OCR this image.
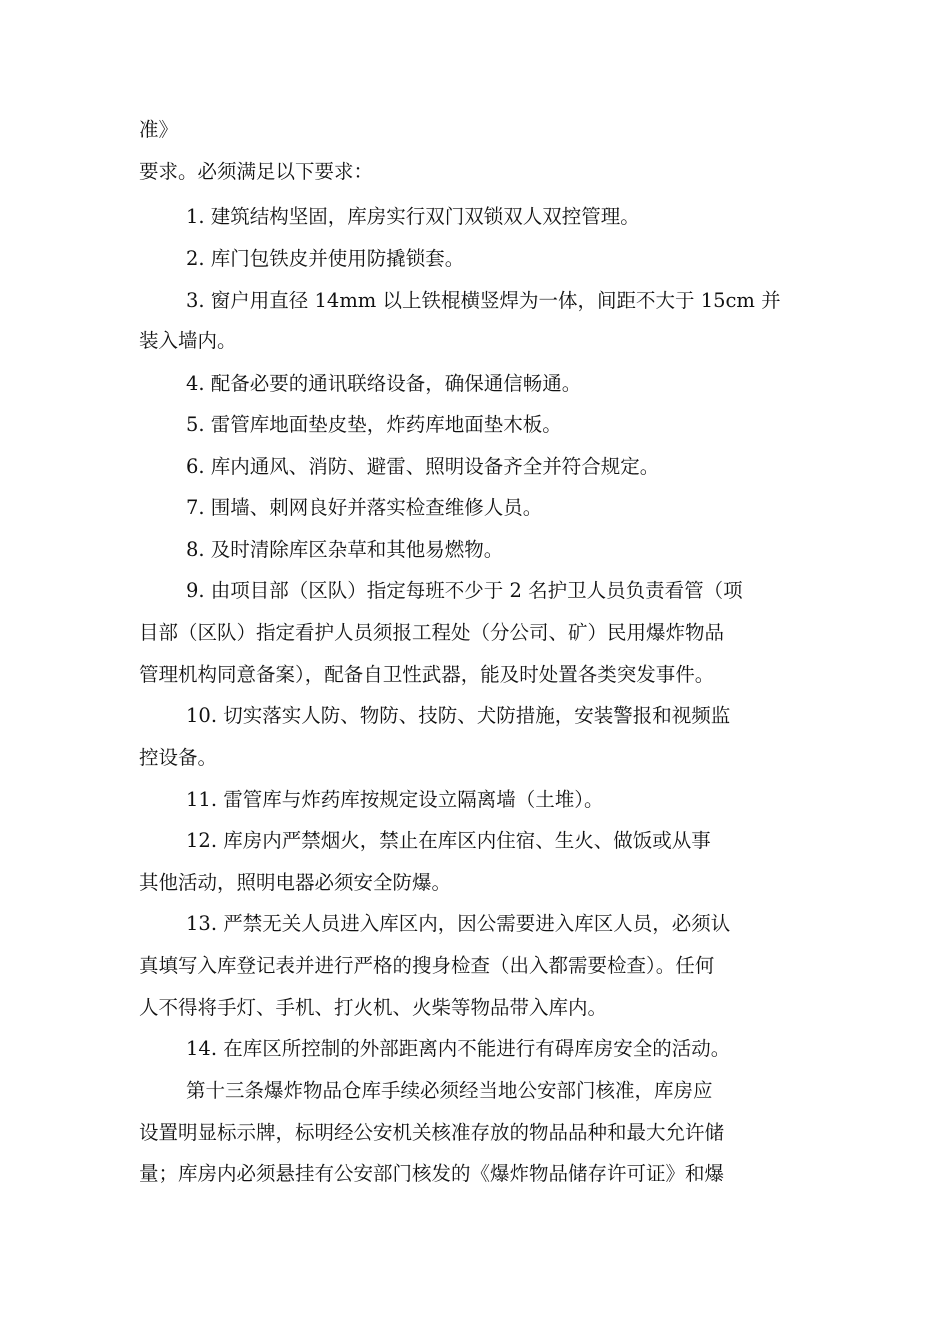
准》
要求。必须满足以下要求：
1. 建筑结构坚固，库房实行双门双锁双人双控管理。
2. 库门包铁皮并使用防撬锁套。
3. 窗户用直径 14mm 以上铁棍横竖焊为一体，间距不大于 15cm 并
装入墙内。
4. 配备必要的通讯联络设备，确保通信畅通。
5. 雷管库地面垫皮垫，炸药库地面垫木板。
6. 库内通风、消防、避雷、照明设备齐全并符合规定。
7. 围墙、刺网良好并落实检查维修人员。
8. 及时清除库区杂草和其他易燃物。
9. 由项目部（区队）指定每班不少于 2 名护卫人员负责看管（项
目部（区队）指定看护人员须报工程处（分公司、矿）民用爆炸物品
管理机构同意备案），配备自卫性武器，能及时处置各类突发事件。
10. 切实落实人防、物防、技防、犬防措施，安装警报和视频监
控设备。
11. 雷管库与炸药库按规定设立隔离墙（土堆）。
12. 库房内严禁烟火，禁止在库区内住宿、生火、做饭或从事
其他活动，照明电器必须安全防爆。
13. 严禁无关人员进入库区内，因公需要进入库区人员，必须认
真填写入库登记表并进行严格的搜身检查（出入都需要检查）。任何
人不得将手灯、手机、打火机、火柴等物品带入库内。
14. 在库区所控制的外部距离内不能进行有碍库房安全的活动。
第十三条爆炸物品仓库手续必须经当地公安部门核准，库房应
设置明显标示牌，标明经公安机关核准存放的物品品种和最大允许储
量；库房内必须悬挂有公安部门核发的《爆炸物品储存许可证》和爆
